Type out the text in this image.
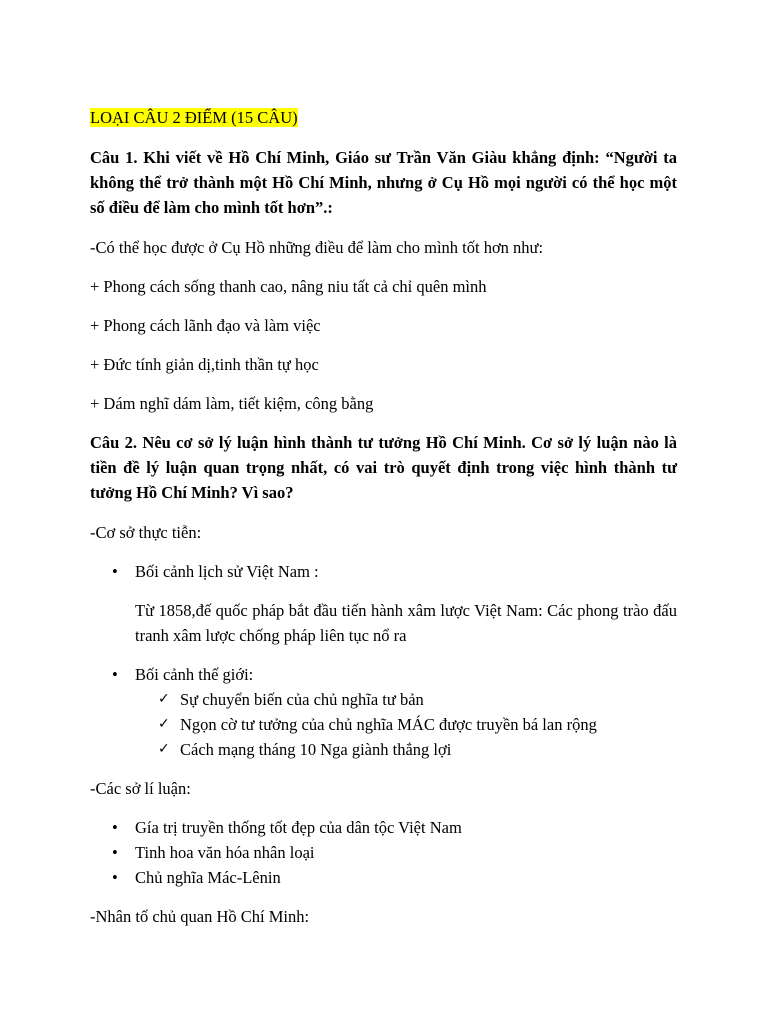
LOẠI CÂU 2 ĐIỂM (15 CÂU)

Câu 1. Khi viết về Hồ Chí Minh, Giáo sư Trần Văn Giàu khẳng định: “Người ta không thể trở thành một Hồ Chí Minh, nhưng ở Cụ Hồ mọi người có thể học một số điều để làm cho mình tốt hơn”.:

-Có thể học được ở Cụ Hồ những điều để làm cho mình tốt hơn như:

+ Phong cách sống thanh cao, nâng niu tất cả chỉ quên mình

+ Phong cách lãnh đạo và làm việc

+ Đức tính giản dị,tinh thần tự học

+ Dám nghĩ dám làm, tiết kiệm, công bằng

Câu 2. Nêu cơ sở lý luận hình thành tư tưởng Hồ Chí Minh. Cơ sở lý luận nào là tiền đề lý luận quan trọng nhất, có vai trò quyết định trong việc hình thành tư tưởng Hồ Chí Minh? Vì sao?

-Cơ sở thực tiễn:

• Bối cảnh lịch sử Việt Nam :

Từ 1858,đế quốc pháp bắt đầu tiến hành xâm lược Việt Nam: Các phong trào đấu tranh xâm lược chống pháp liên tục nổ ra

• Bối cảnh thế giới:
✓ Sự chuyển biến của chủ nghĩa tư bản
✓ Ngọn cờ tư tưởng của chủ nghĩa MÁC được truyền bá lan rộng
✓ Cách mạng tháng 10 Nga giành thắng lợi

-Các sở lí luận:

• Gía trị truyền thống tốt đẹp của dân tộc Việt Nam
• Tinh hoa văn hóa nhân loại
• Chủ nghĩa Mác-Lênin

-Nhân tố chủ quan Hồ Chí Minh:
